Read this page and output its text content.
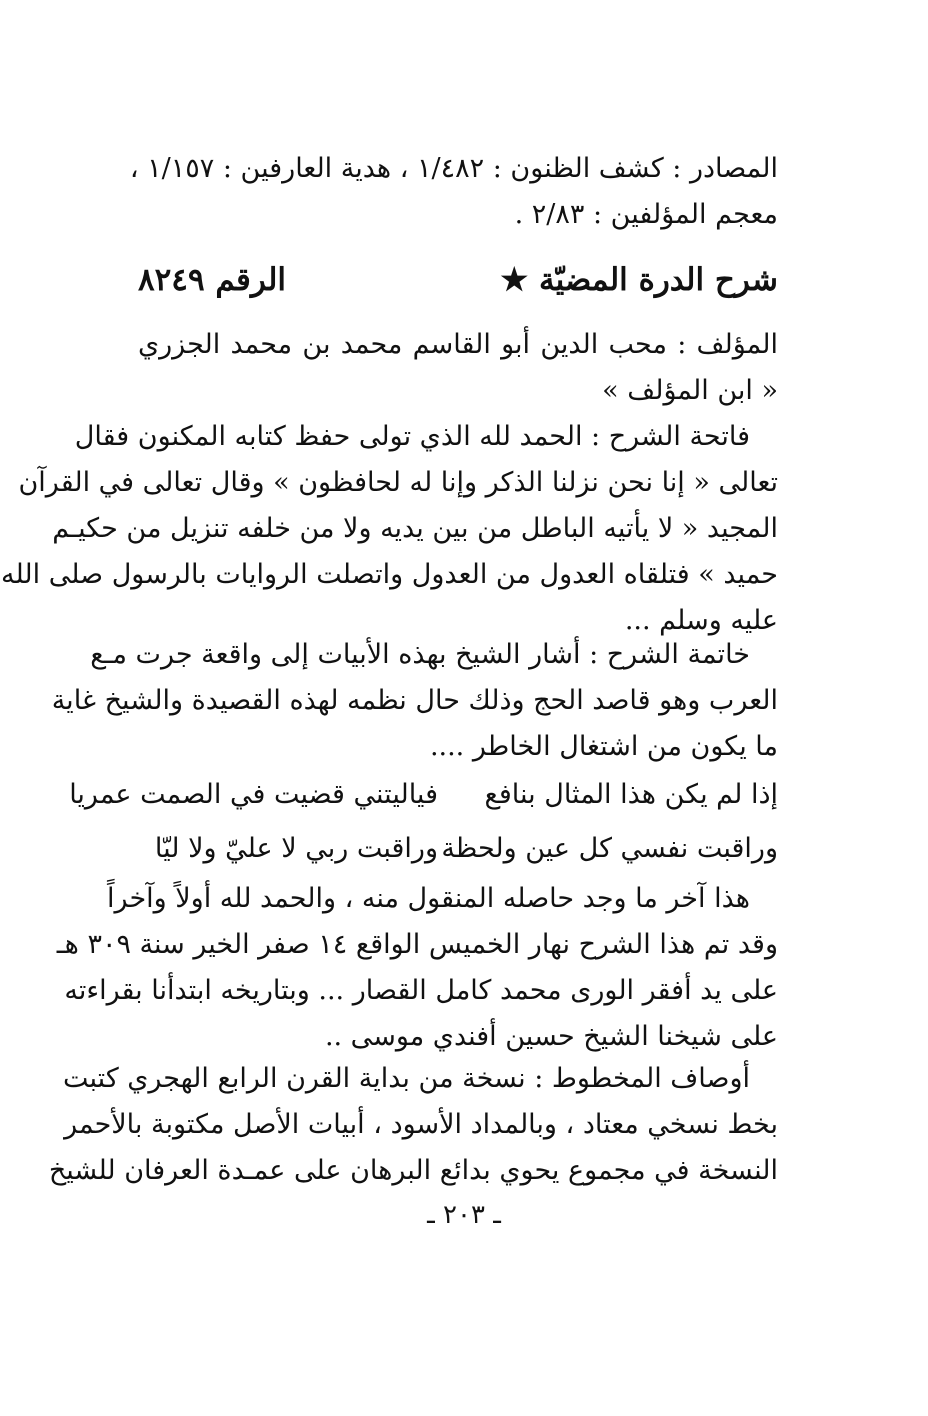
المصادر : كشف الظنون : ١/٤٨٢ ، هدية العارفين : ١/١٥٧ ،
معجم المؤلفين : ٢/٨٣ .
شرح الدرة المضيّة ★
الرقم ٨٢٤٩
المؤلف : محب الدين أبو القاسم محمد بن محمد الجزري
« ابن المؤلف »
فاتحة الشرح : الحمد لله الذي تولى حفظ كتابه المكنون فقال
تعالى « إنا نحن نزلنا الذكر وإنا له لحافظون » وقال تعالى في القرآن
المجيد « لا يأتيه الباطل من بين يديه ولا من خلفه تنزيل من حكيـم
حميد » فتلقاه العدول من العدول واتصلت الروايات بالرسول صلى الله
عليه وسلم ...
خاتمة الشرح : أشار الشيخ بهذه الأبيات إلى واقعة جرت مـع
العرب وهو قاصد الحج وذلك حال نظمه لهذه القصيدة والشيخ غاية
ما يكون من اشتغال الخاطر ....
إذا لم يكن هذا المثال بنافع
فياليتني قضيت في الصمت عمريا
وراقبت نفسي كل عين ولحظة
وراقبت ربي لا عليّ ولا ليّا
هذا آخر ما وجد حاصله المنقول منه ، والحمد لله أولاً وآخراً
وقد تم هذا الشرح نهار الخميس الواقع ١٤ صفر الخير سنة ٣٠٩ هـ
على يد أفقر الورى محمد كامل القصار ... وبتاريخه ابتدأنا بقراءته
على شيخنا الشيخ حسين أفندي موسى ..
أوصاف المخطوط : نسخة من بداية القرن الرابع الهجري كتبت
بخط نسخي معتاد ، وبالمداد الأسود ، أبيات الأصل مكتوبة بالأحمر
النسخة في مجموع يحوي بدائع البرهان على عمـدة العرفان للشيخ
ـ ٢٠٣ ـ
